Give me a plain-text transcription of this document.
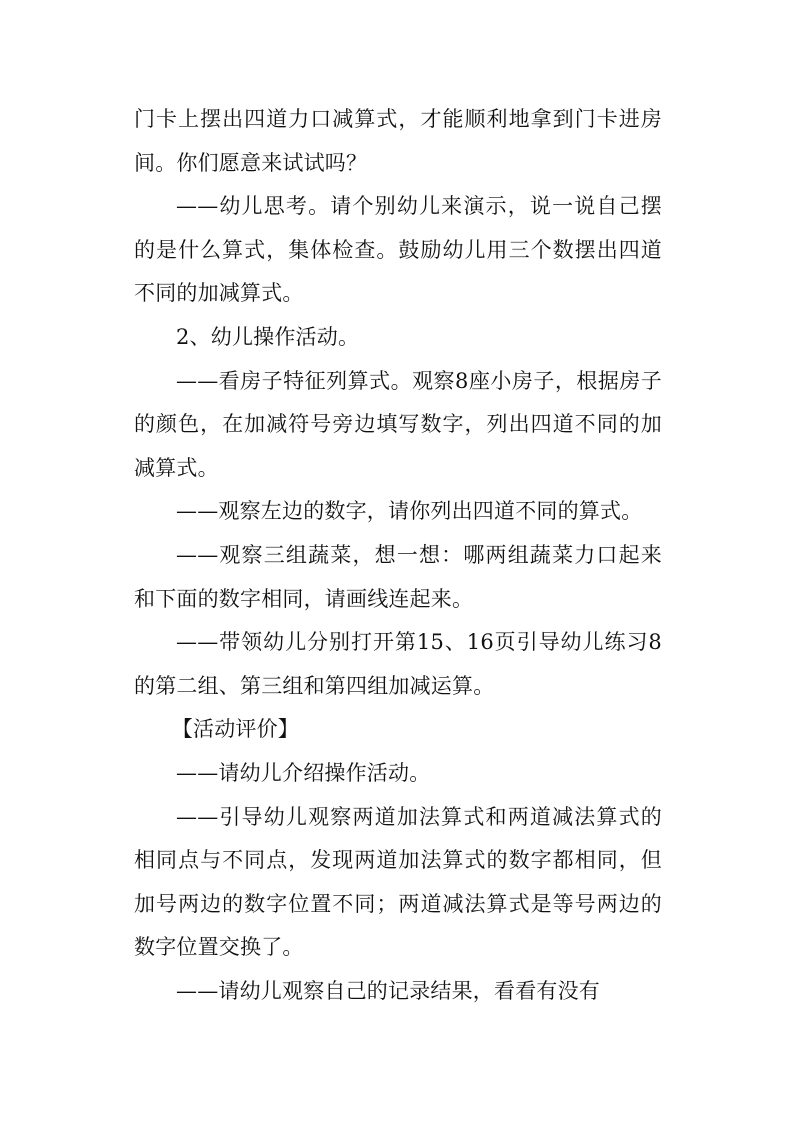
门卡上摆出四道力口减算式，才能顺利地拿到门卡进房间。你们愿意来试试吗？

——幼儿思考。请个别幼儿来演示，说一说自己摆的是什么算式，集体检查。鼓励幼儿用三个数摆出四道不同的加减算式。

2、幼儿操作活动。

——看房子特征列算式。观察8座小房子，根据房子的颜色，在加减符号旁边填写数字，列出四道不同的加减算式。

——观察左边的数字，请你列出四道不同的算式。

——观察三组蔬菜，想一想：哪两组蔬菜力口起来和下面的数字相同，请画线连起来。

——带领幼儿分别打开第15、16页引导幼儿练习8的第二组、第三组和第四组加减运算。

【活动评价】

——请幼儿介绍操作活动。

——引导幼儿观察两道加法算式和两道减法算式的相同点与不同点，发现两道加法算式的数字都相同，但加号两边的数字位置不同；两道减法算式是等号两边的数字位置交换了。

——请幼儿观察自己的记录结果，看看有没有
